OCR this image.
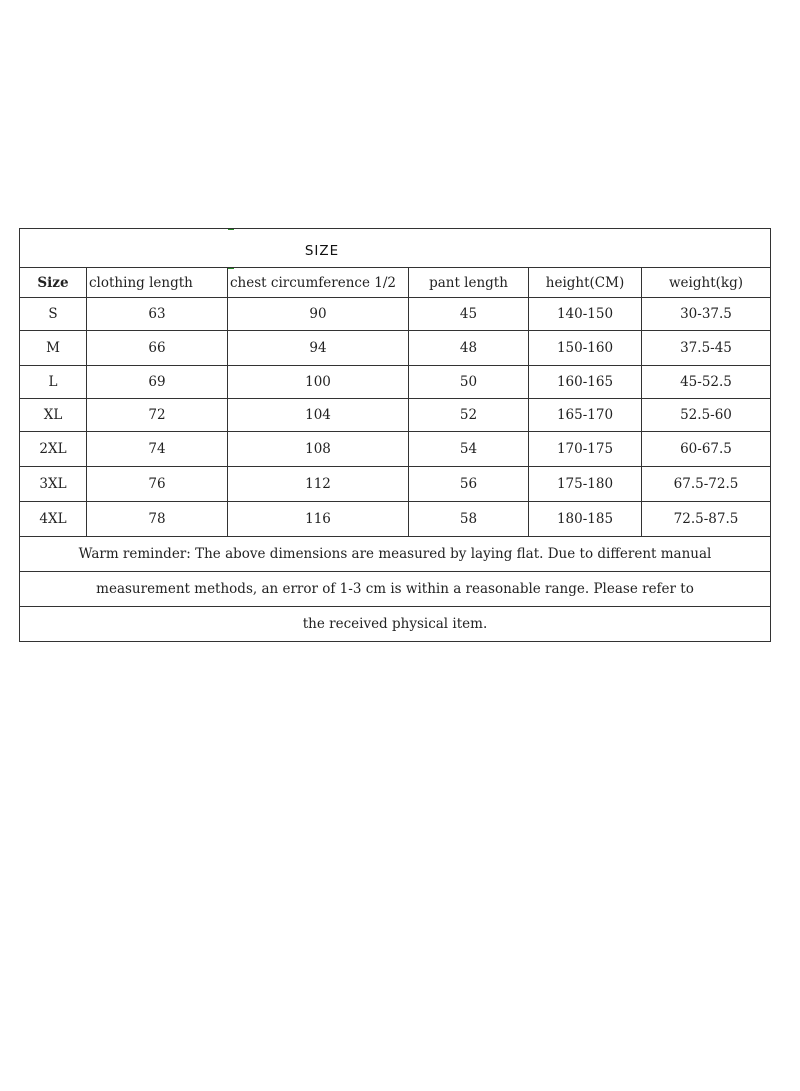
SIZE					
Size	clothing length	chest circumference 1/2	pant length	height(CM)	weight(kg)
S	63	90	45	140-150	30-37.5
M	66	94	48	150-160	37.5-45
L	69	100	50	160-165	45-52.5
XL	72	104	52	165-170	52.5-60
2XL	74	108	54	170-175	60-67.5
3XL	76	112	56	175-180	67.5-72.5
4XL	78	116	58	180-185	72.5-87.5
Warm reminder: The above dimensions are measured by laying flat. Due to different manual					
measurement methods, an error of 1-3 cm is within a reasonable range. Please refer to					
the received physical item.					
